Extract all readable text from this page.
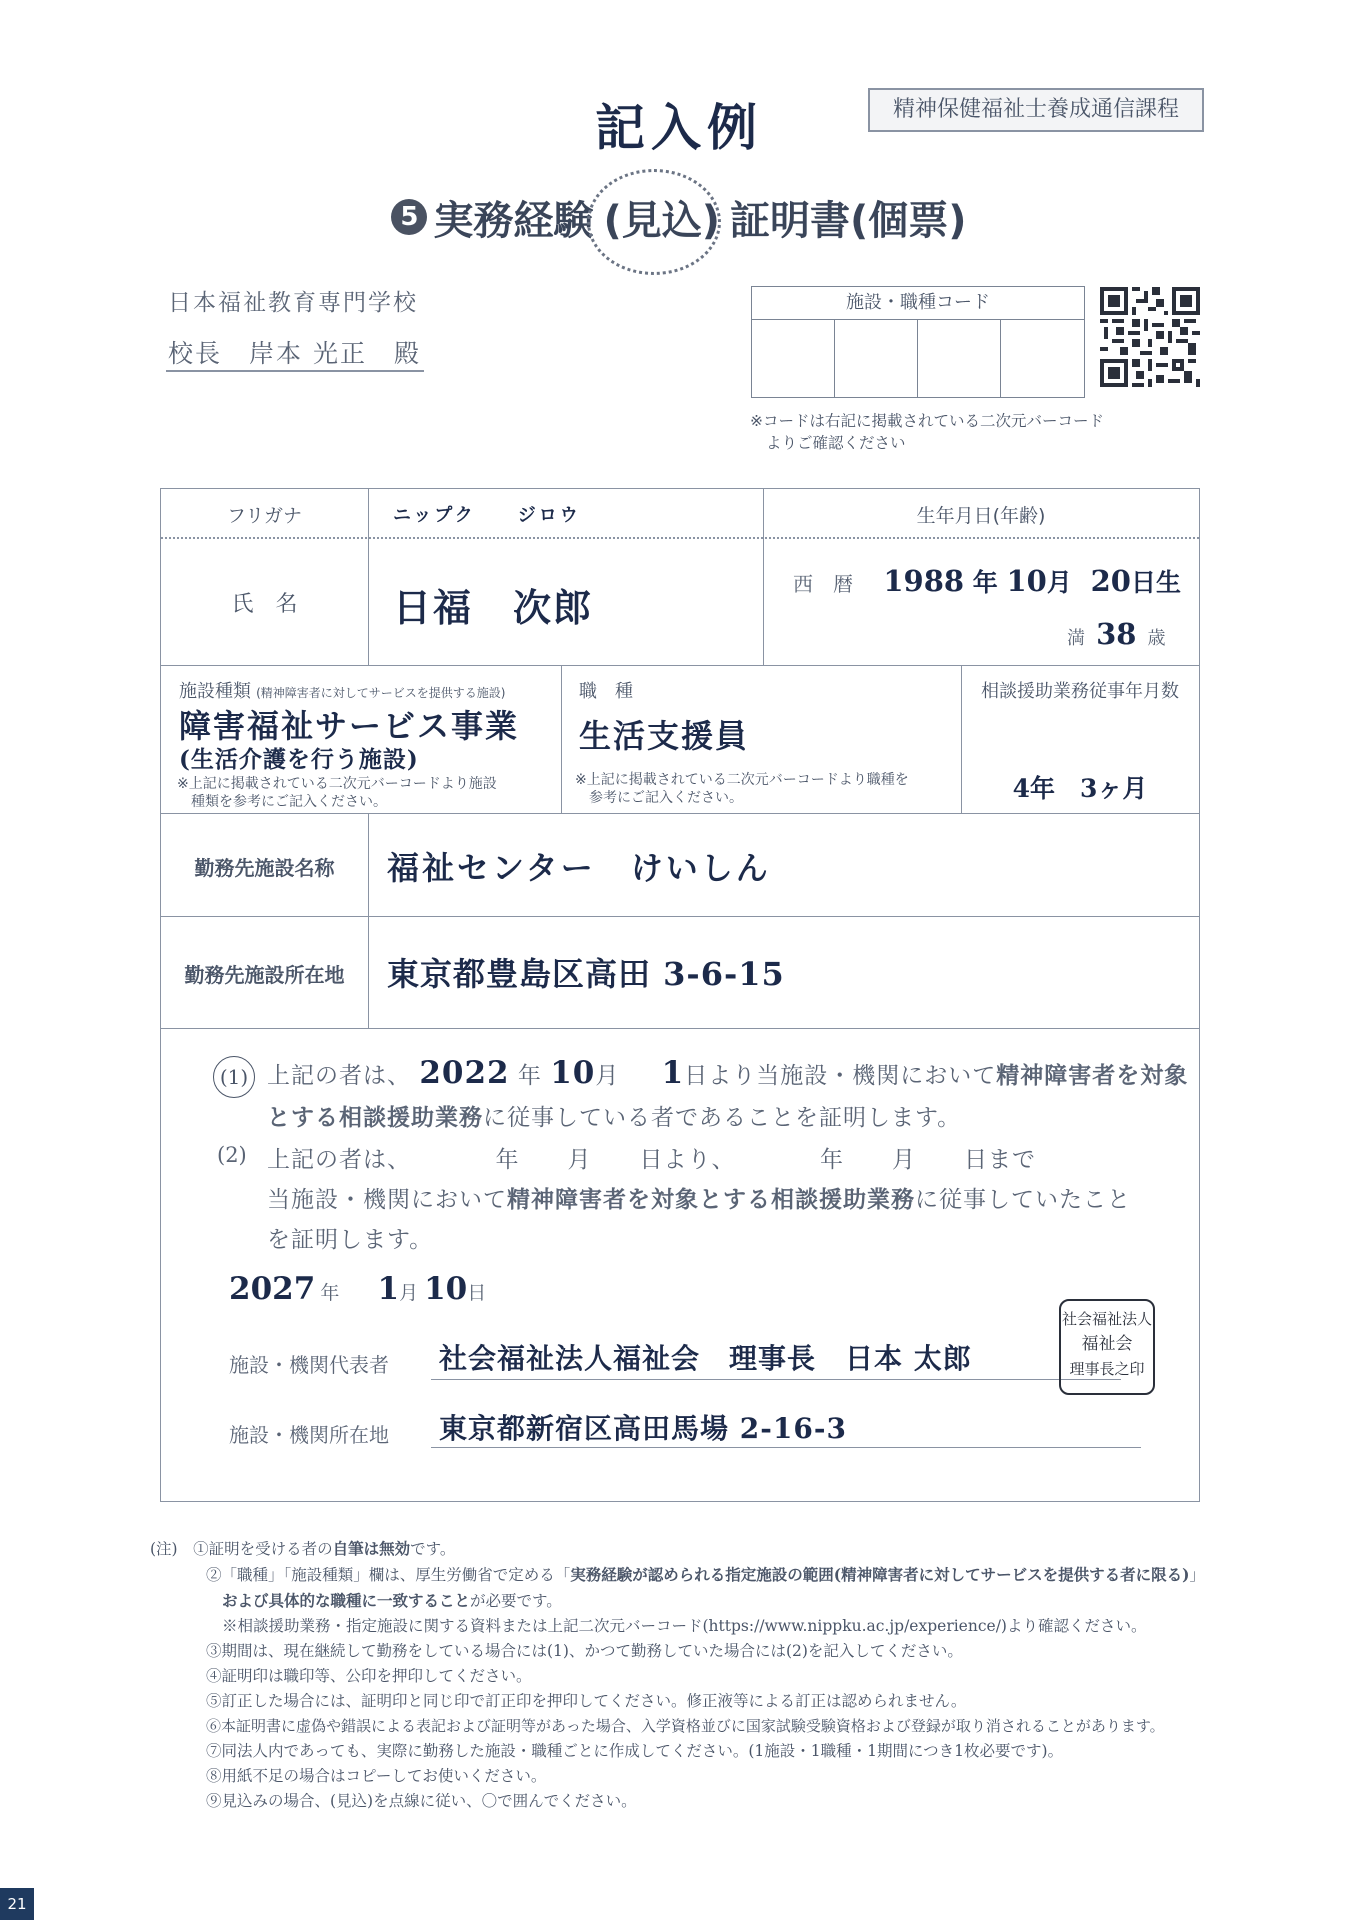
記入例	精神保健福祉士養成通信課程
5 実務経験 (見込) 証明書(個票)
日本福祉教育専門学校
校長　岸本 光正　殿
施設・職種コード
※コードは右記に掲載されている二次元バーコード
よりご確認ください
フリガナ	ニップク　　ジロウ
氏　名	日福　次郎
生年月日(年齢)
西　暦 1988 年 10月 20日生
満 38 歳
施設種類 (精神障害者に対してサービスを提供する施設)
障害福祉サービス事業
(生活介護を行う施設)
※上記に掲載されている二次元バーコードより施設
種類を参考にご記入ください。
職　種
生活支援員
※上記に掲載されている二次元バーコードより職種を
参考にご記入ください。
相談援助業務従事年月数
4年　3ヶ月
勤務先施設名称	福祉センター　けいしん
勤務先施設所在地	東京都豊島区高田 3-6-15
(1) 上記の者は、 2022 年 10月　 1日より当施設・機関において精神障害者を対象
とする相談援助業務に従事している者であることを証明します。
(2) 上記の者は、　　　　年　　月　　日より、　　　　年　　月　　日まで
当施設・機関において精神障害者を対象とする相談援助業務に従事していたこと
を証明します。
2027 年　 1月 10日
施設・機関代表者 社会福祉法人福祉会　理事長　日本 太郎
社会福祉法人
福祉会
理事長之印
施設・機関所在地 東京都新宿区高田馬場 2-16-3
(注)　 ①証明を受ける者の自筆は無効です。
②「職種」「施設種類」欄は、厚生労働省で定める「実務経験が認められる指定施設の範囲(精神障害者に対してサービスを提供する者に限る)」
および具体的な職種に一致することが必要です。
※相談援助業務・指定施設に関する資料または上記二次元バーコード(https://www.nippku.ac.jp/experience/)より確認ください。
③期間は、現在継続して勤務をしている場合には(1)、かつて勤務していた場合には(2)を記入してください。
④証明印は職印等、公印を押印してください。
⑤訂正した場合には、証明印と同じ印で訂正印を押印してください。修正液等による訂正は認められません。
⑥本証明書に虚偽や錯誤による表記および証明等があった場合、入学資格並びに国家試験受験資格および登録が取り消されることがあります。
⑦同法人内であっても、実際に勤務した施設・職種ごとに作成してください。(1施設・1職種・1期間につき1枚必要です)。
⑧用紙不足の場合はコピーしてお使いください。
⑨見込みの場合、(見込)を点線に従い、〇で囲んでください。
21
